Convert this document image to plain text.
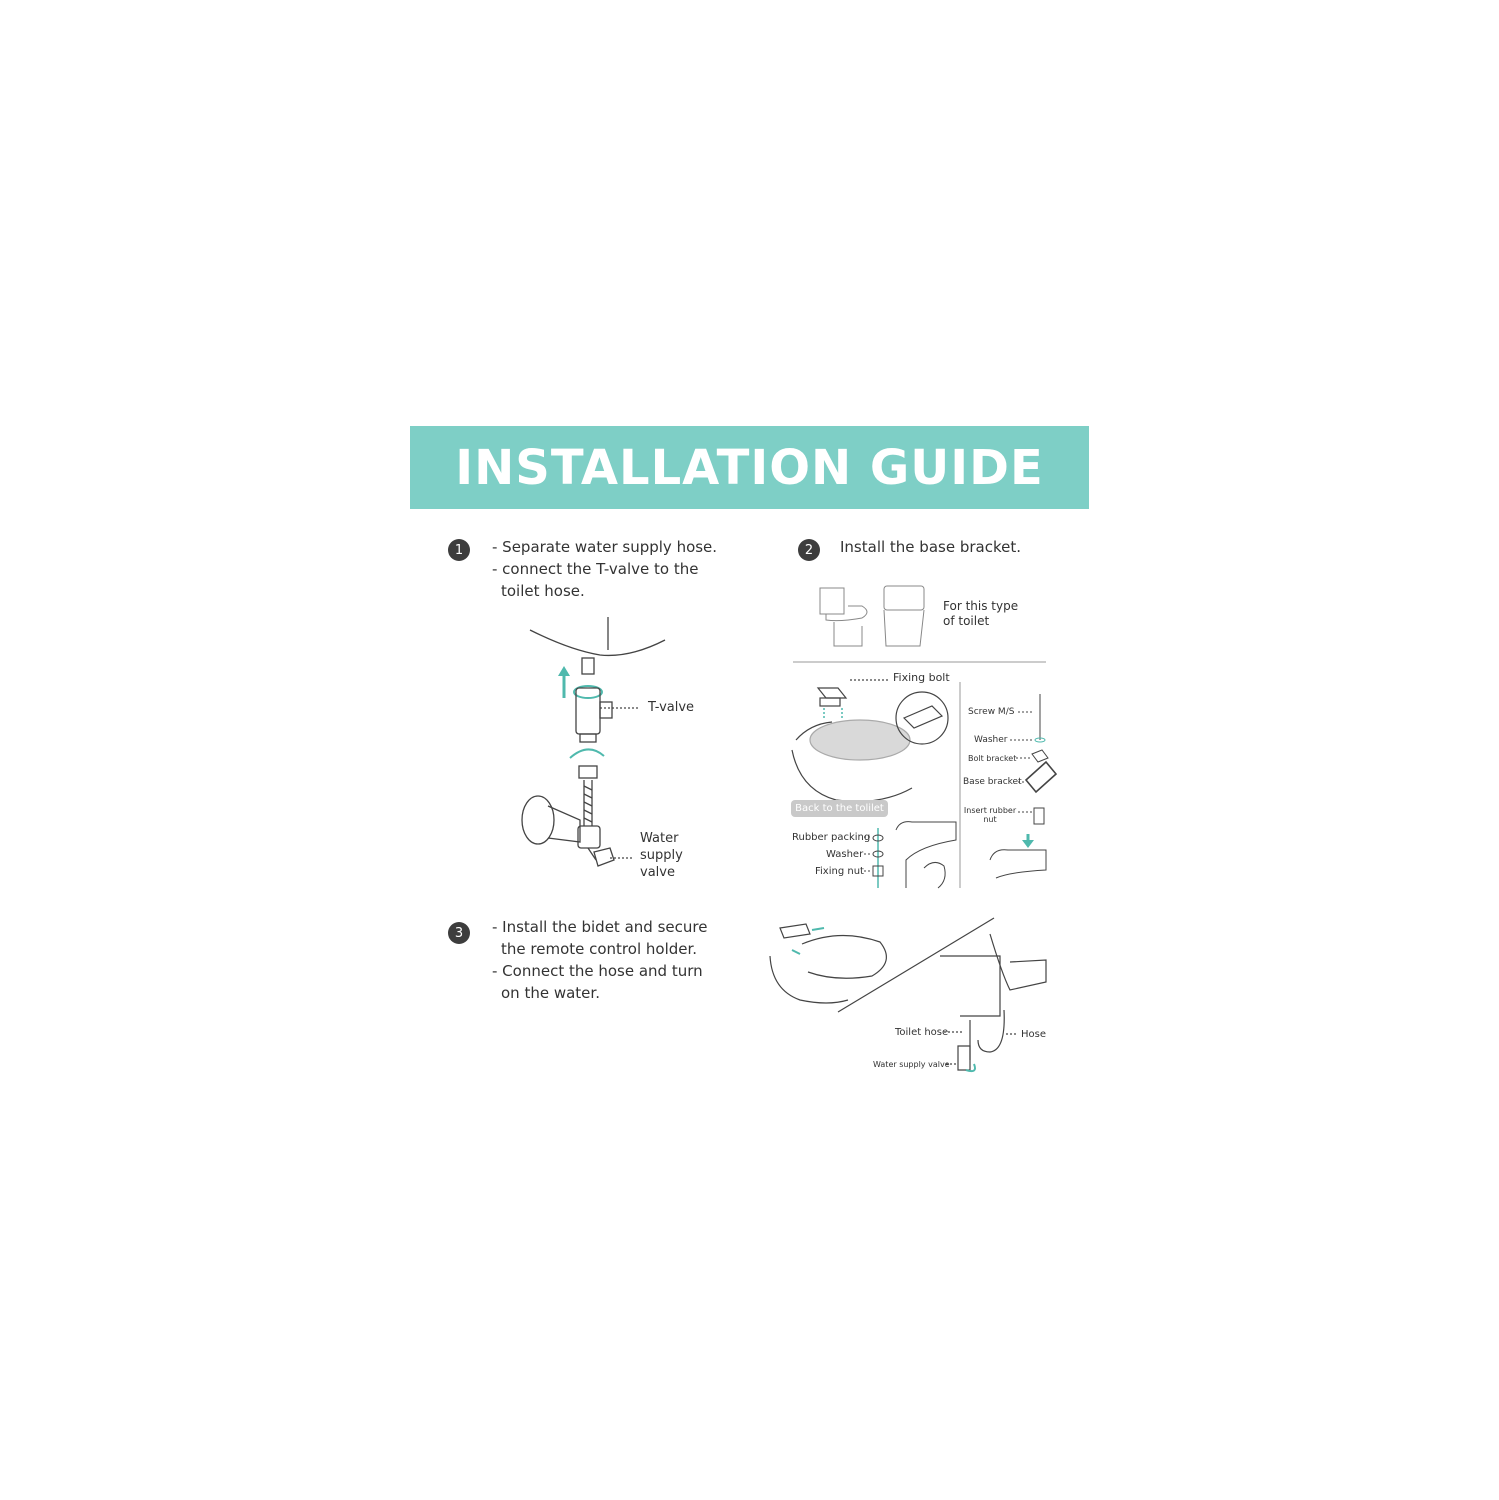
INSTALLATION GUIDE
1	- Separate water supply hose.
- connect the T-valve to the
toilet hose.
T-valve
Water
supply
valve
2	Install the base bracket.
For this type
of toilet
Fixing bolt
Screw M/S
Washer
Bolt bracket
Base bracket
Insert rubber
nut
Back to the tolilet
Rubber packing
Washer
Fixing nut
3	- Install the bidet and secure
the remote control holder.
- Connect the hose and turn
on the water.
Toilet hose	Hose
Water supply valve
